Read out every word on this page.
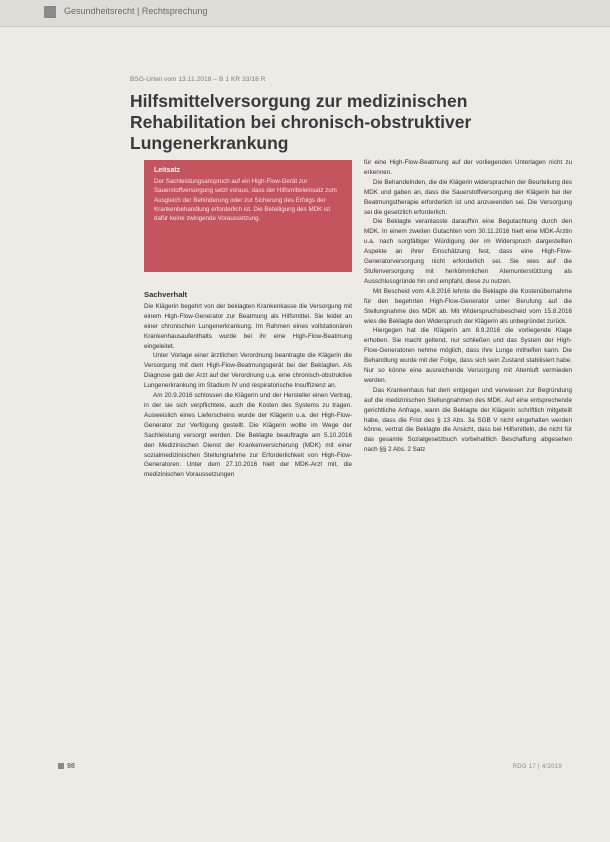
Gesundheitsrecht | Rechtsprechung
BSG-Urteil vom 13.11.2018 – B 1 KR 33/18 R
Hilfsmittelversorgung zur medizinischen Rehabilitation bei chronisch-obstruktiver Lungenerkrankung
Leitsatz
Der Sachleistungsanspruch auf ein High-Flow-Gerät zur Sauerstoffversorgung setzt voraus, dass der Hilfsmitteleinsatz zum Ausgleich der Behinderung oder zur Sicherung des Erfolgs der Krankenbehandlung erforderlich ist. Die Beteiligung des MDK ist dafür keine zwingende Voraussetzung.
Sachverhalt

Die Klägerin begehrt von der beklagten Krankenkasse die Versorgung mit einem High-Flow-Generator zur Beatmung als Hilfsmittel. Sie leidet an einer chronischen Lungenerkrankung. Im Rahmen eines vollstationären Krankenhausaufenthalts wurde bei ihr eine High-Flow-Beatmung eingeleitet.

Unter Vorlage einer ärztlichen Verordnung beantragte die Klägerin die Versorgung mit dem High-Flow-Beatmungsgerät bei der Beklagten. Als Diagnose gab der Arzt auf der Verordnung u.a. eine chronisch-obstruktive Lungenerkrankung im Stadium IV und respiratorische Insuffizienz an.

Am 20.9.2016 schlossen die Klägerin und der Hersteller einen Vertrag, in der sie sich verpflichtete, auch die Kosten des Systems zu tragen. Ausweislich eines Lieferscheins wurde der Klägerin u.a. der High-Flow-Generator zur Verfügung gestellt. Die Klägerin wollte im Wege der Sachleistung versorgt werden. Die Beklagte beauftragte am 5.10.2016 den Medizinischen Dienst der Krankenversicherung (MDK) mit einer sozialmedizinischen Stellungnahme zur Erforderlichkeit von High-Flow-Generatoren. Unter dem 27.10.2016 hielt der MDK-Arzt mit, die medizinischen Voraussetzungen

für eine High-Flow-Beatmung auf der vorliegenden Unterlagen nicht zu erkennen.

Die Behandelnden, die die Klägerin widersprachen der Beurteilung des MDK und gaben an, dass die Sauerstoffversorgung der Klägerin bei der Beatmungstherapie erforderlich ist und anzuwenden sei. Die Versorgung sei die gesetzlich erforderlich.

Die Beklagte veranlasste daraufhin eine Begutachtung durch den MDK. In einem zweiten Gutachten vom 30.11.2016 hielt eine MDK-Ärztin u.a. nach sorgfältiger Würdigung der im Widerspruch dargestellten Aspekte an ihrer Einschätzung fest, dass eine High-Flow-Generatorversorgung nicht erforderlich sei. Sie wies auf die Stufenversorgung mit herkömmlichen Atemunterstützung als Ausschlussgründe hin und empfahl, diese zu nutzen.

Mit Bescheid vom 4.8.2016 lehnte die Beklagte die Kostenübernahme für den begehrten High-Flow-Generator unter Berufung auf die Stellungnahme des MDK ab. Mit Widerspruchsbescheid vom 15.8.2016 wies die Beklagte den Widerspruch der Klägerin als unbegründet zurück.

Hiergegen hat die Klägerin am 8.9.2016 die vorliegende Klage erhoben. Sie macht geltend, nur schließen und das System der High-Flow-Generatoren nehme möglich, dass ihre Lunge mithelfen kann. Die Behandlung wurde mit der Folge, dass sich sein Zustand stabilisiert habe. Nur so könne eine ausreichende Versorgung mit Atemluft vermieden werden.

Das Krankenhaus hat dem entgegen und verwiesen zur Begründung auf die medizinischen Stellungnahmen des MDK. Auf eine entsprechende gerichtliche Anfrage, wann die Beklagte der Klägerin schriftlich mitgeteilt habe, dass die Frist des § 13 Abs. 3a SGB V nicht eingehalten werden könne, vertrat die Beklagte die Ansicht, dass bei Hilfsmitteln, die nicht für das gesamte Sozialgesetzbuch vorbehaltlich Beschaffung abgesehen nach §§ 2 Abs. 2 Satz

98	RDG 17 | 4/2019
